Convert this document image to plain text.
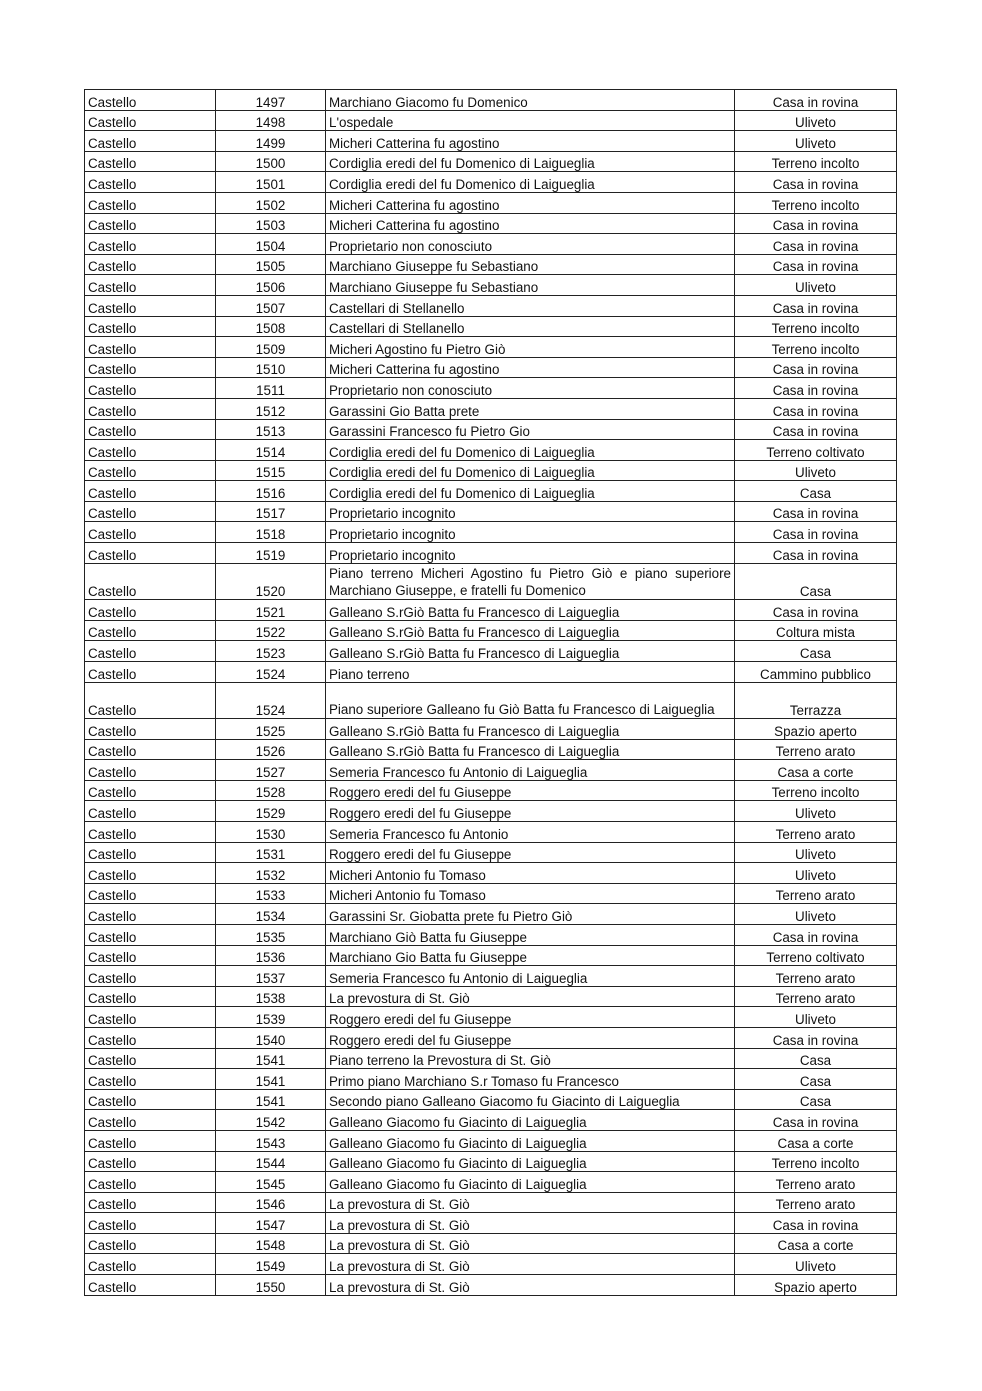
Castello	1497	Marchiano Giacomo fu Domenico	Casa in rovina
Castello	1498	L'ospedale	Uliveto
Castello	1499	Micheri Catterina fu agostino	Uliveto
Castello	1500	Cordiglia eredi del fu Domenico di Laigueglia	Terreno incolto
Castello	1501	Cordiglia eredi del fu Domenico di Laigueglia	Casa in rovina
Castello	1502	Micheri Catterina fu agostino	Terreno incolto
Castello	1503	Micheri Catterina fu agostino	Casa in rovina
Castello	1504	Proprietario non conosciuto	Casa in rovina
Castello	1505	Marchiano Giuseppe fu Sebastiano	Casa in rovina
Castello	1506	Marchiano Giuseppe fu Sebastiano	Uliveto
Castello	1507	Castellari di Stellanello	Casa in rovina
Castello	1508	Castellari di Stellanello	Terreno incolto
Castello	1509	Micheri Agostino fu Pietro Giò	Terreno incolto
Castello	1510	Micheri Catterina fu agostino	Casa in rovina
Castello	1511	Proprietario non conosciuto	Casa in rovina
Castello	1512	Garassini Gio Batta prete	Casa in rovina
Castello	1513	Garassini Francesco fu Pietro Gio	Casa in rovina
Castello	1514	Cordiglia eredi del fu Domenico di Laigueglia	Terreno coltivato
Castello	1515	Cordiglia eredi del fu Domenico di Laigueglia	Uliveto
Castello	1516	Cordiglia eredi del fu Domenico di Laigueglia	Casa
Castello	1517	Proprietario incognito	Casa in rovina
Castello	1518	Proprietario incognito	Casa in rovina
Castello	1519	Proprietario incognito	Casa in rovina
Castello	1520	Piano terreno Micheri Agostino fu Pietro Giò e piano superiore Marchiano Giuseppe, e fratelli fu Domenico	Casa
Castello	1521	Galleano S.rGiò Batta fu Francesco di Laigueglia	Casa in rovina
Castello	1522	Galleano S.rGiò Batta fu Francesco di Laigueglia	Coltura mista
Castello	1523	Galleano S.rGiò Batta fu Francesco di Laigueglia	Casa
Castello	1524	Piano terreno	Cammino pubblico
Castello	1524	Piano superiore Galleano fu Giò Batta fu Francesco di Laigueglia	Terrazza
Castello	1525	Galleano S.rGiò Batta fu Francesco di Laigueglia	Spazio aperto
Castello	1526	Galleano S.rGiò Batta fu Francesco di Laigueglia	Terreno arato
Castello	1527	Semeria Francesco fu Antonio di Laigueglia	Casa a corte
Castello	1528	Roggero eredi del fu Giuseppe	Terreno incolto
Castello	1529	Roggero eredi del fu Giuseppe	Uliveto
Castello	1530	Semeria Francesco fu Antonio	Terreno arato
Castello	1531	Roggero eredi del fu Giuseppe	Uliveto
Castello	1532	Micheri Antonio fu Tomaso	Uliveto
Castello	1533	Micheri Antonio fu Tomaso	Terreno arato
Castello	1534	Garassini Sr. Giobatta prete fu Pietro Giò	Uliveto
Castello	1535	Marchiano Giò Batta fu Giuseppe	Casa in rovina
Castello	1536	Marchiano Gio Batta fu Giuseppe	Terreno coltivato
Castello	1537	Semeria Francesco fu Antonio di Laigueglia	Terreno arato
Castello	1538	La prevostura di St. Giò	Terreno arato
Castello	1539	Roggero eredi del fu Giuseppe	Uliveto
Castello	1540	Roggero eredi del fu Giuseppe	Casa in rovina
Castello	1541	Piano terreno la Prevostura di St. Giò	Casa
Castello	1541	Primo piano Marchiano S.r Tomaso fu Francesco	Casa
Castello	1541	Secondo piano Galleano Giacomo fu Giacinto di Laigueglia	Casa
Castello	1542	Galleano Giacomo fu Giacinto di Laigueglia	Casa in rovina
Castello	1543	Galleano Giacomo fu Giacinto di Laigueglia	Casa a corte
Castello	1544	Galleano Giacomo fu Giacinto di Laigueglia	Terreno incolto
Castello	1545	Galleano Giacomo fu Giacinto di Laigueglia	Terreno arato
Castello	1546	La prevostura di St. Giò	Terreno arato
Castello	1547	La prevostura di St. Giò	Casa in rovina
Castello	1548	La prevostura di St. Giò	Casa a corte
Castello	1549	La prevostura di St. Giò	Uliveto
Castello	1550	La prevostura di St. Giò	Spazio aperto
